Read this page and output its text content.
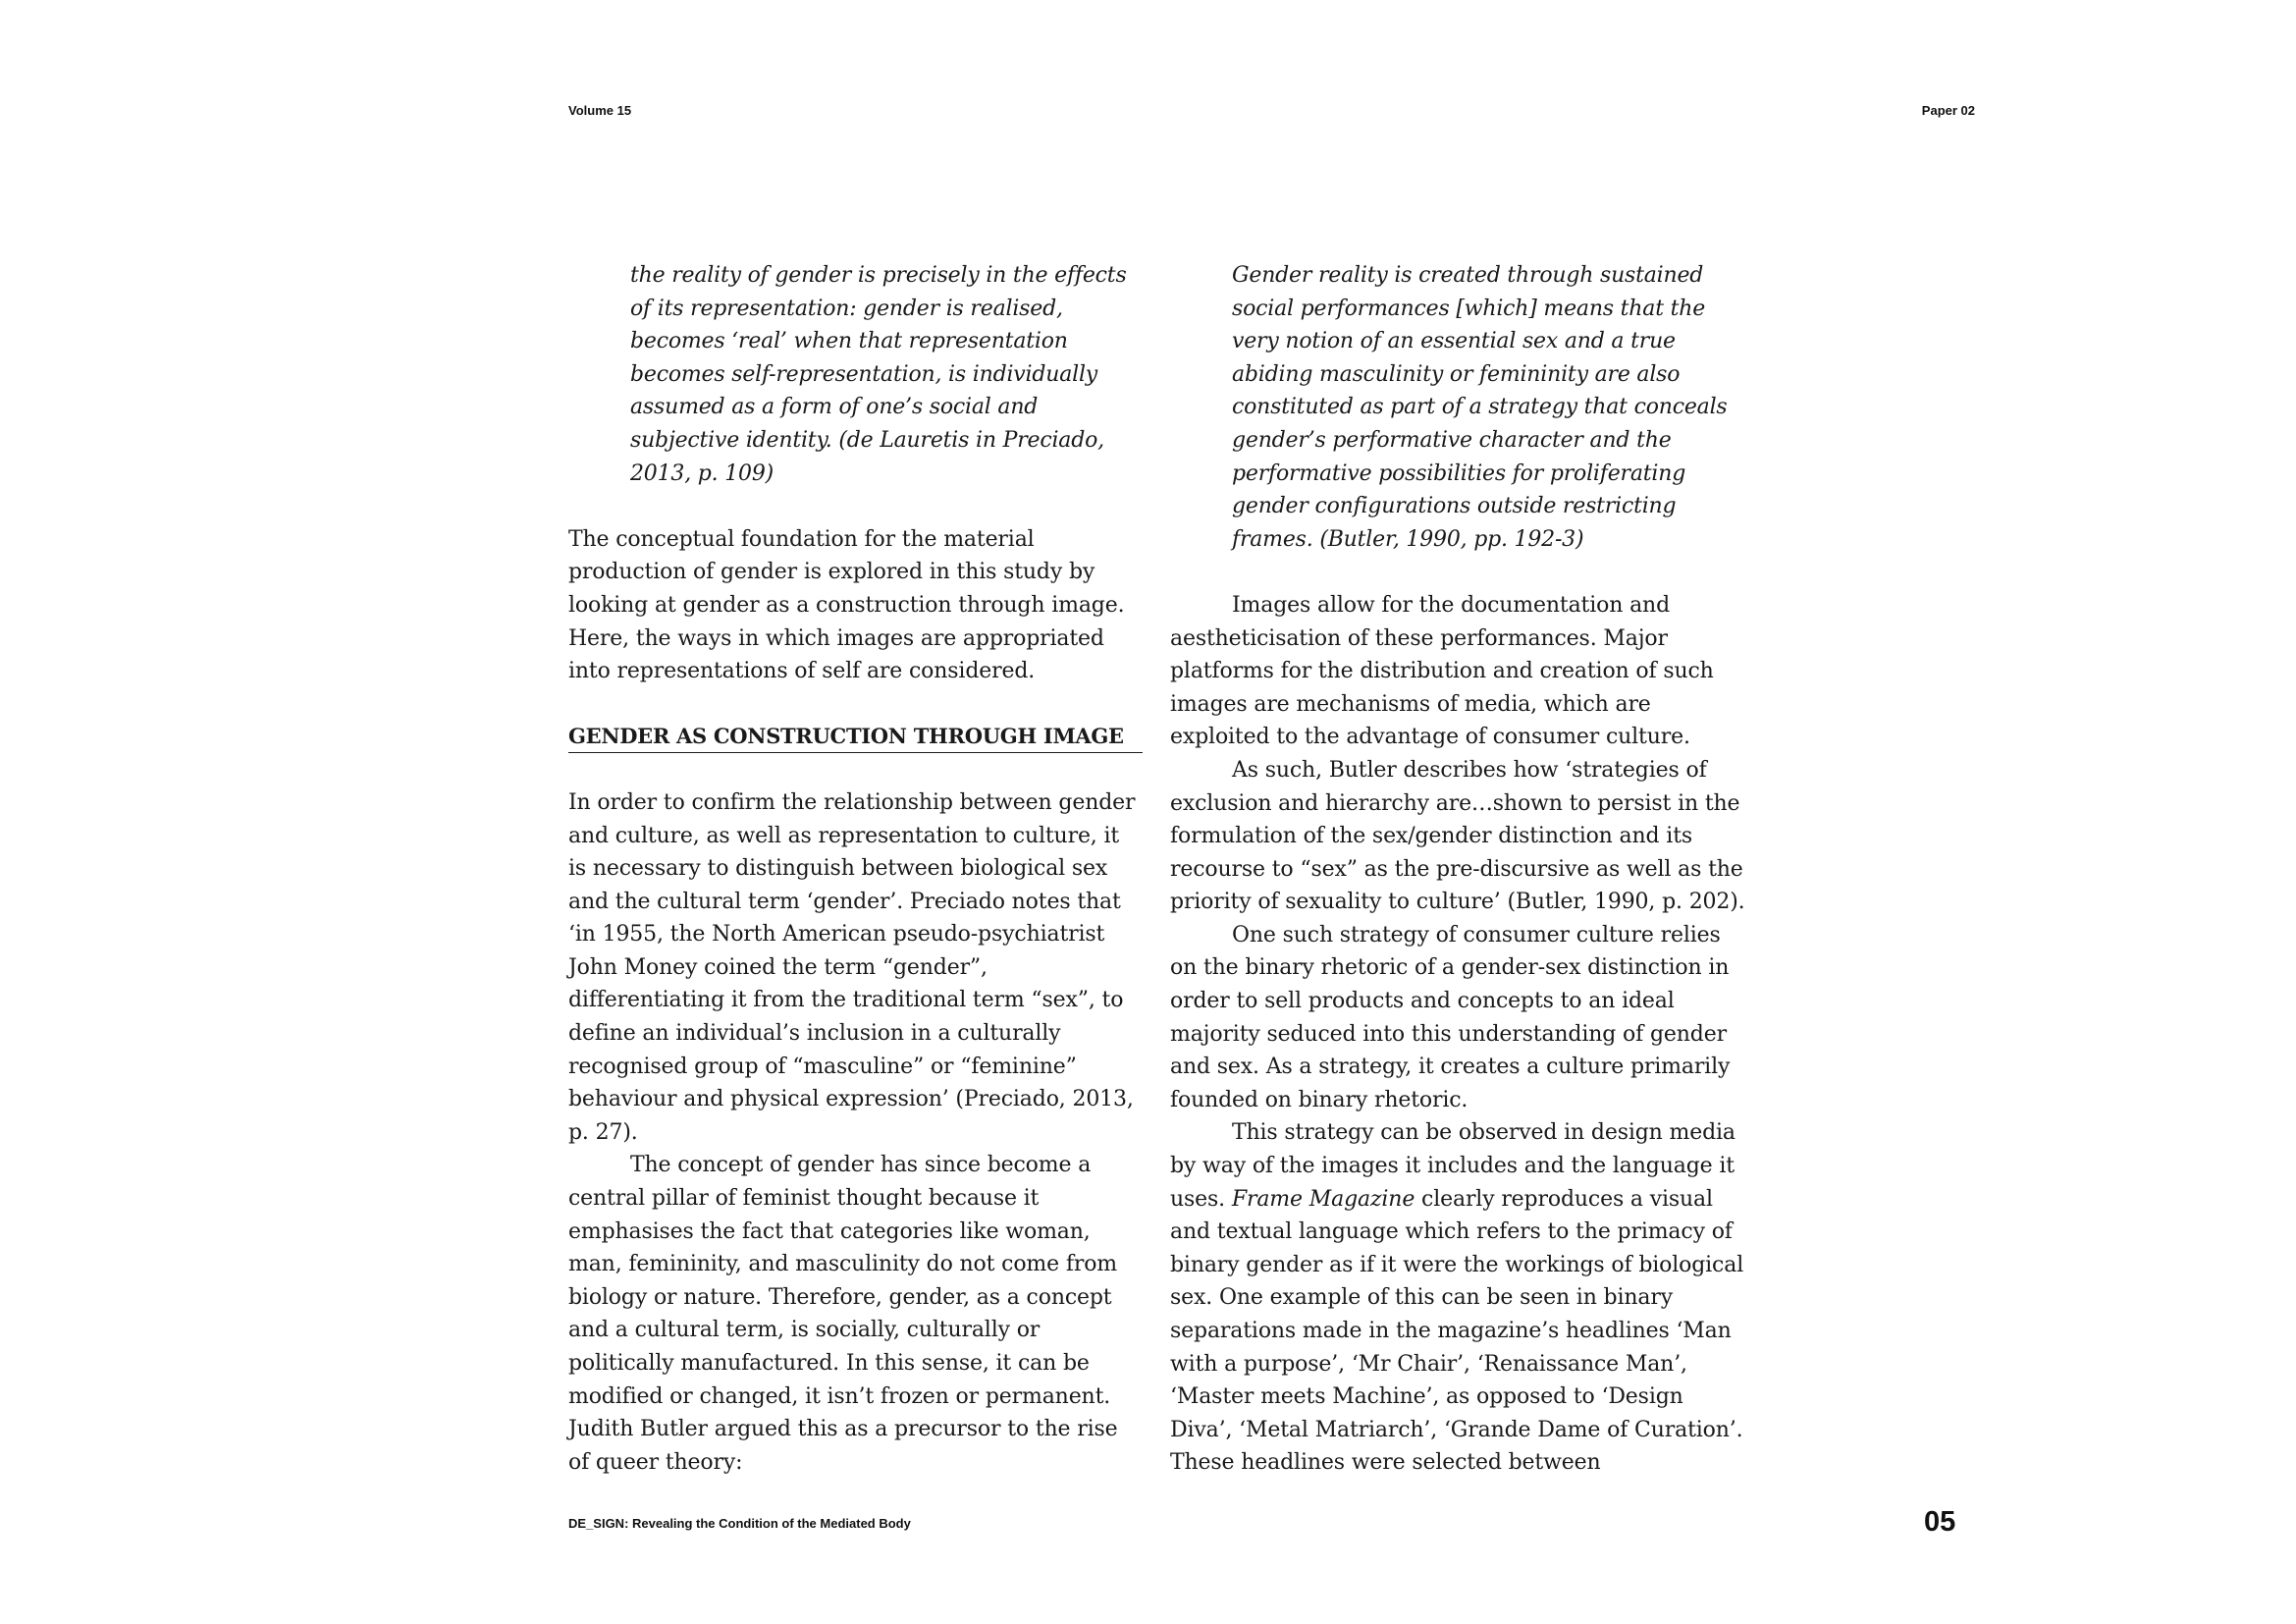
Volume 15	Paper 02

the reality of gender is precisely in the effects of its representation: gender is realised, becomes ‘real’ when that representation becomes self-representation, is individually assumed as a form of one’s social and subjective identity. (de Lauretis in Preciado, 2013, p. 109)

The conceptual foundation for the material production of gender is explored in this study by looking at gender as a construction through image. Here, the ways in which images are appropriated into representations of self are considered.

GENDER AS CONSTRUCTION THROUGH IMAGE

In order to confirm the relationship between gender and culture, as well as representation to culture, it is necessary to distinguish between biological sex and the cultural term ‘gender’. Preciado notes that ‘in 1955, the North American pseudo-psychiatrist John Money coined the term “gender”, differentiating it from the traditional term “sex”, to define an individual’s inclusion in a culturally recognised group of “masculine” or “feminine” behaviour and physical expression’ (Preciado, 2013, p. 27).

The concept of gender has since become a central pillar of feminist thought because it emphasises the fact that categories like woman, man, femininity, and masculinity do not come from biology or nature. Therefore, gender, as a concept and a cultural term, is socially, culturally or politically manufactured. In this sense, it can be modified or changed, it isn’t frozen or permanent. Judith Butler argued this as a precursor to the rise of queer theory:

Gender reality is created through sustained social performances [which] means that the very notion of an essential sex and a true abiding masculinity or femininity are also constituted as part of a strategy that conceals gender’s performative character and the performative possibilities for proliferating gender configurations outside restricting frames. (Butler, 1990, pp. 192-3)

Images allow for the documentation and aestheticisation of these performances. Major platforms for the distribution and creation of such images are mechanisms of media, which are exploited to the advantage of consumer culture.

As such, Butler describes how ‘strategies of exclusion and hierarchy are…shown to persist in the formulation of the sex/gender distinction and its recourse to “sex” as the pre-discursive as well as the priority of sexuality to culture’ (Butler, 1990, p. 202).

One such strategy of consumer culture relies on the binary rhetoric of a gender-sex distinction in order to sell products and concepts to an ideal majority seduced into this understanding of gender and sex. As a strategy, it creates a culture primarily founded on binary rhetoric.

This strategy can be observed in design media by way of the images it includes and the language it uses. Frame Magazine clearly reproduces a visual and textual language which refers to the primacy of binary gender as if it were the workings of biological sex. One example of this can be seen in binary separations made in the magazine’s headlines ‘Man with a purpose’, ‘Mr Chair’, ‘Renaissance Man’, ‘Master meets Machine’, as opposed to ‘Design Diva’, ‘Metal Matriarch’, ‘Grande Dame of Curation’. These headlines were selected between

DE_SIGN: Revealing the Condition of the Mediated Body	05
